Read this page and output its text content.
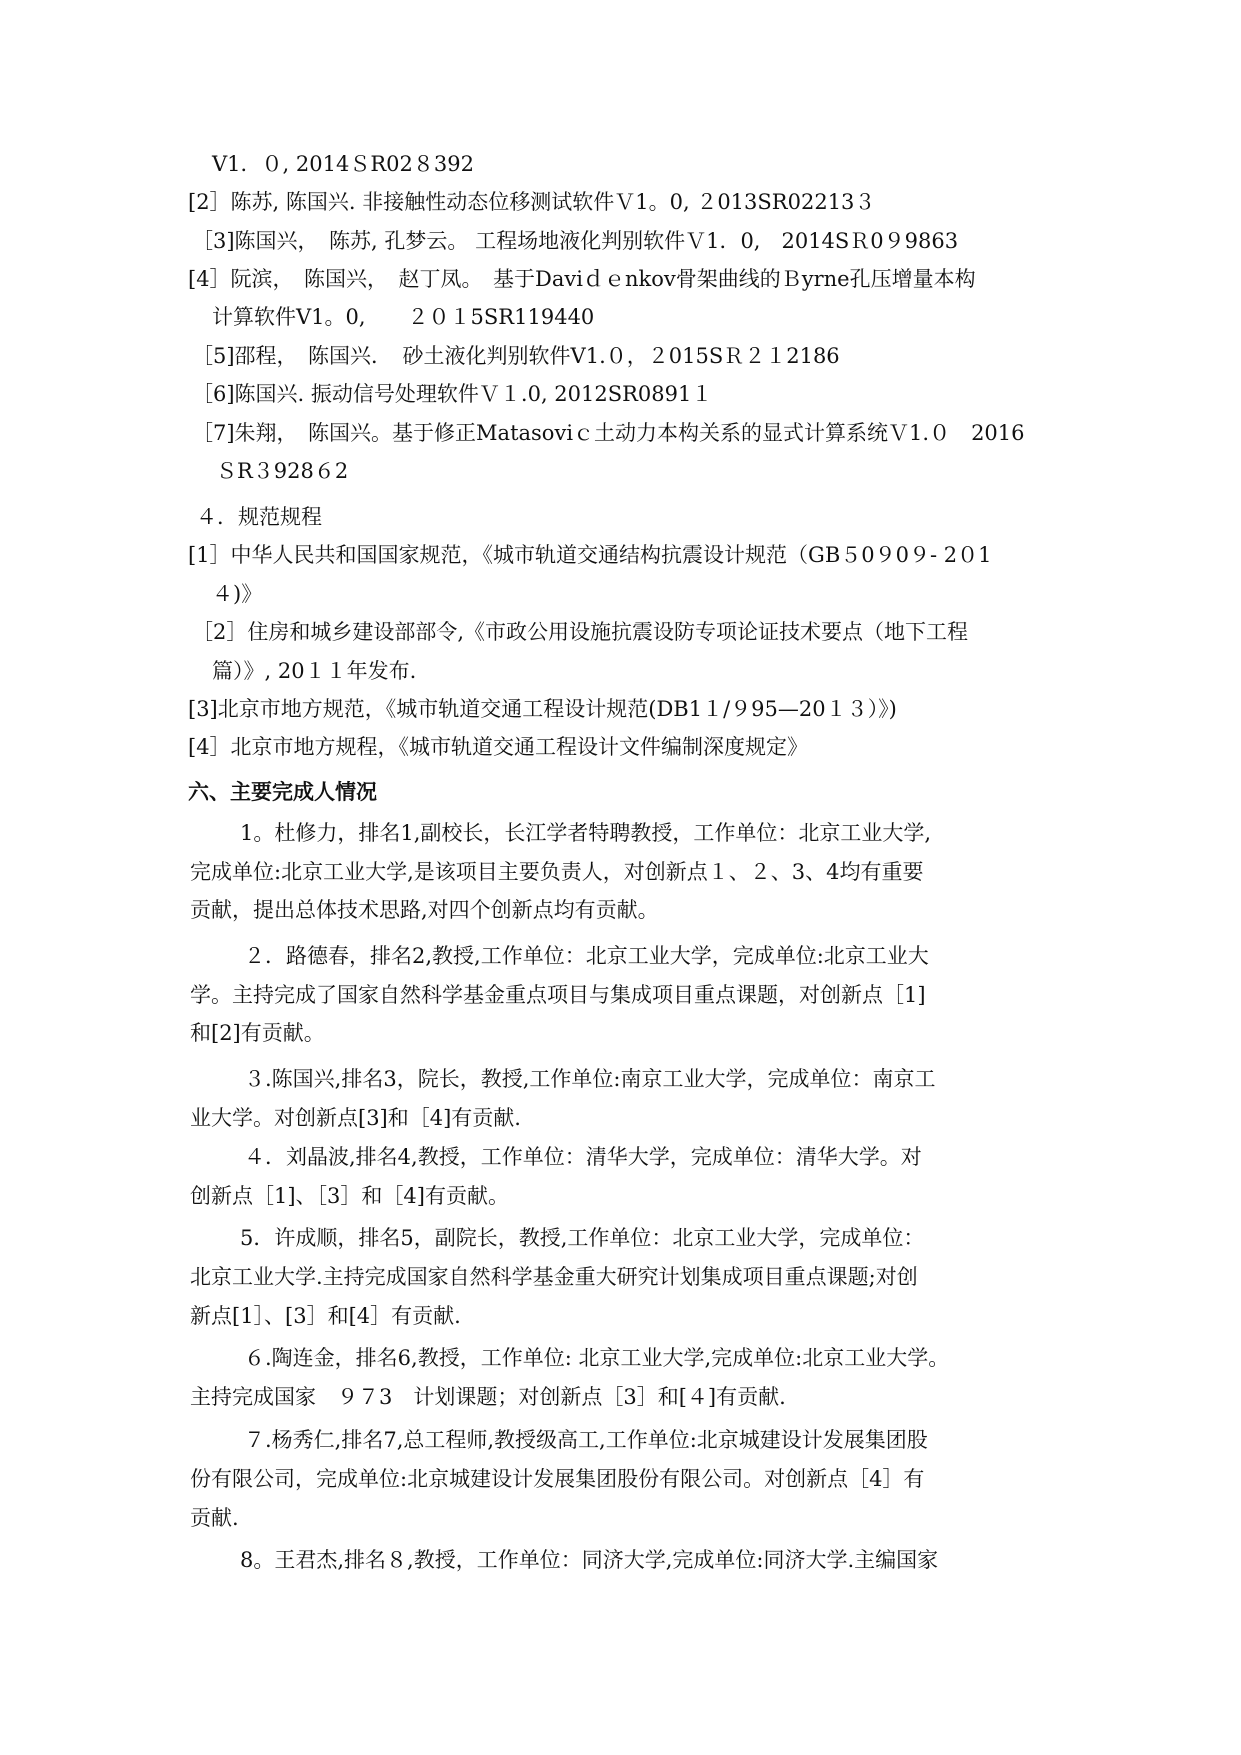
V1．０, 2014ＳR02８392
[2］陈苏, 陈国兴. 非接触性动态位移测试软件Ｖ1。0, ２013SR02213３
［3]陈国兴，　陈苏, 孔梦云。 工程场地液化判别软件Ｖ1．0,　2014SＲ0９9863
[4］阮滨，　陈国兴，　赵丁凤。　基于Daviｄｅnkov骨架曲线的Ｂyrne孔压增量本构
计算软件V1。0,　　２０１5SR119440
［5]邵程，　陈国兴．　砂土液化判别软件V1.０，２015SＲ２１2186
［6]陈国兴. 振动信号处理软件Ｖ１.0, 2012SR0891１
［7]朱翔，　陈国兴。基于修正Matasoviｃ土动力本构关系的显式计算系统Ｖ1.０　2016
ＳR３928６2
４．规范规程
[1］中华人民共和国国家规范，《城市轨道交通结构抗震设计规范（GB５0９0９- 2０1
４)》
［2］住房和城乡建设部部令,《市政公用设施抗震设防专项论证技术要点（地下工程
篇）》, 20１１年发布.
[3]北京市地方规范，《城市轨道交通工程设计规范(DB1１/９95—20１３）》)
[4］北京市地方规程，《城市轨道交通工程设计文件编制深度规定》
六、主要完成人情况
1。杜修力，排名1,副校长，长江学者特聘教授，工作单位：北京工业大学,
完成单位:北京工业大学,是该项目主要负责人，对创新点１、２、3、4均有重要
贡献，提出总体技术思路,对四个创新点均有贡献。
２．路德春，排名2,教授,工作单位：北京工业大学，完成单位:北京工业大
学。主持完成了国家自然科学基金重点项目与集成项目重点课题，对创新点［1]
和[2]有贡献。
３.陈国兴,排名3，院长，教授,工作单位:南京工业大学，完成单位：南京工
业大学。对创新点[3]和［4]有贡献.
４．刘晶波,排名4,教授，工作单位：清华大学，完成单位：清华大学。对
创新点［1]、［3］和［4]有贡献。
5．许成顺，排名5，副院长，教授,工作单位：北京工业大学，完成单位：
北京工业大学.主持完成国家自然科学基金重大研究计划集成项目重点课题;对创
新点[1］、[3］和[4］有贡献.
６.陶连金，排名6,教授，工作单位: 北京工业大学,完成单位:北京工业大学。
主持完成国家　９７3　计划课题；对创新点［3］和[４]有贡献.
７.杨秀仁,排名7,总工程师,教授级高工,工作单位:北京城建设计发展集团股
份有限公司，完成单位:北京城建设计发展集团股份有限公司。对创新点［4］有
贡献.
8。王君杰,排名８,教授，工作单位：同济大学,完成单位:同济大学.主编国家
